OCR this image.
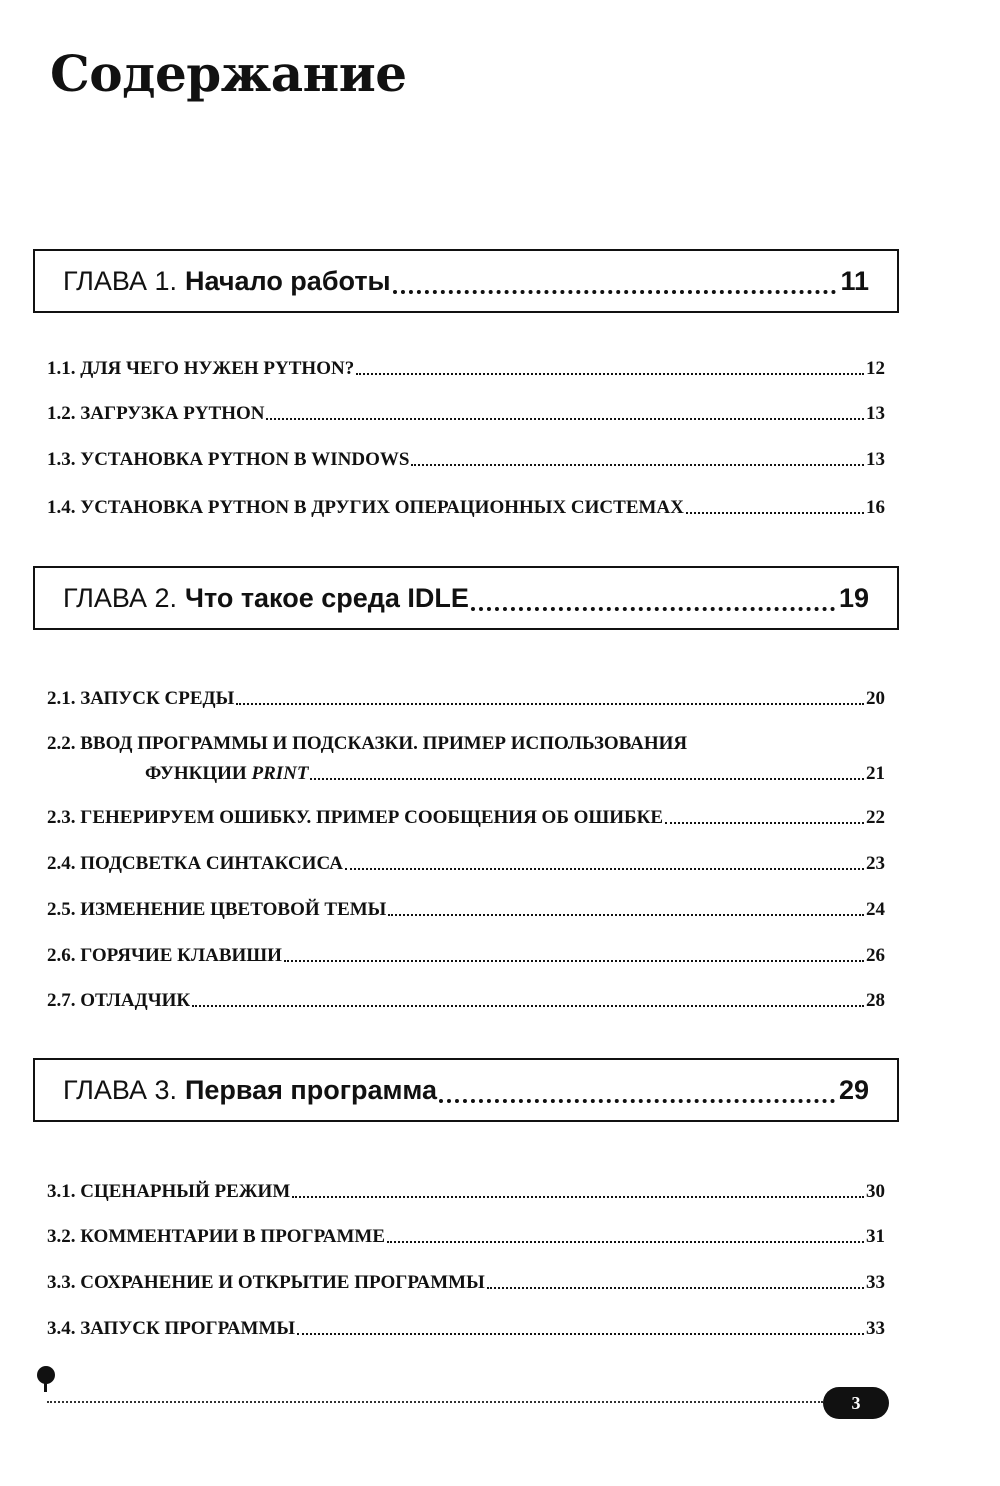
Содержание
ГЛАВА 1. Начало работы	11
1.1. ДЛЯ ЧЕГО НУЖЕН PYTHON?	12
1.2. ЗАГРУЗКА PYTHON	13
1.3. УСТАНОВКА PYTHON В WINDOWS	13
1.4. УСТАНОВКА PYTHON В ДРУГИХ ОПЕРАЦИОННЫХ СИСТЕМАХ	16
ГЛАВА 2. Что такое среда IDLE	19
2.1. ЗАПУСК СРЕДЫ	20
2.2. ВВОД ПРОГРАММЫ И ПОДСКАЗКИ. ПРИМЕР ИСПОЛЬЗОВАНИЯ
ФУНКЦИИ PRINT	21
2.3. ГЕНЕРИРУЕМ ОШИБКУ. ПРИМЕР СООБЩЕНИЯ ОБ ОШИБКЕ	22
2.4. ПОДСВЕТКА СИНТАКСИСА	23
2.5. ИЗМЕНЕНИЕ ЦВЕТОВОЙ ТЕМЫ	24
2.6. ГОРЯЧИЕ КЛАВИШИ	26
2.7. ОТЛАДЧИК	28
ГЛАВА 3. Первая программа	29
3.1. СЦЕНАРНЫЙ РЕЖИМ	30
3.2. КОММЕНТАРИИ В ПРОГРАММЕ	31
3.3. СОХРАНЕНИЕ И ОТКРЫТИЕ ПРОГРАММЫ	33
3.4. ЗАПУСК ПРОГРАММЫ	33
3
